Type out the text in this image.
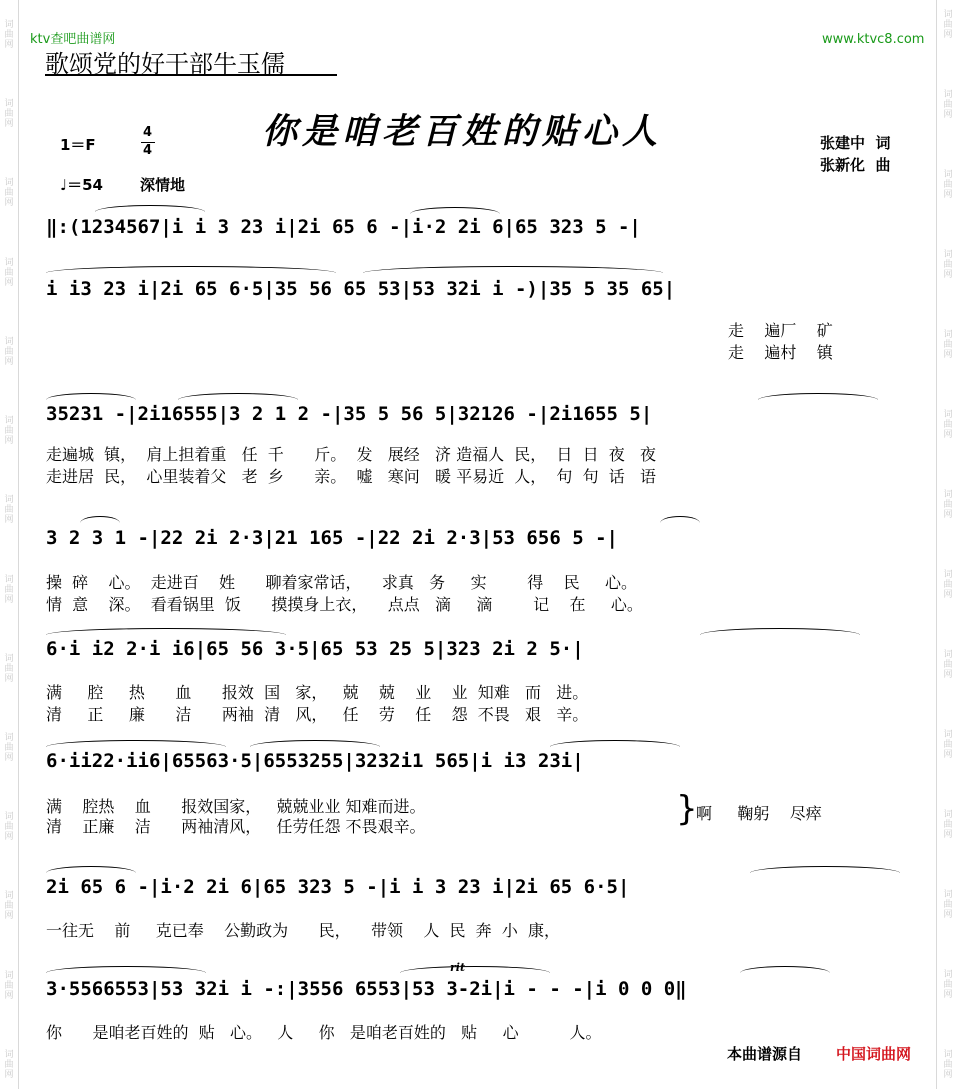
词
曲
网
词
曲
网
词
曲
网
词
曲
网
词
曲
网
词
曲
网
词
曲
网
词
曲
网
词
曲
网
词
曲
网
词
曲
网
词
曲
网
词
曲
网
词
曲
网
词
曲
网
词
曲
网
词
曲
网
词
曲
网
词
曲
网
词
曲
网
词
曲
网
词
曲
网
词
曲
网
词
曲
网
词
曲
网
词
曲
网
词
曲
网
词
曲
网
ktv查吧曲谱网	www.ktvc8.com
歌颂党的好干部牛玉儒
你是咱老百姓的贴心人
1＝F
4
4
♩＝54 深情地
张建中  词
张新化  曲
‖:(1234567|i i 3 23 i|2i 65 6 -|i·2 2i 6|65 323 5 -|
i i3 23 i|2i 65 6·5|35 56 65 53|53 32i i -)|35 5 35 65|
走    遍厂    矿
走    遍村    镇
35231 -|2i16555|3 2 1 2 -|35 5 56 5|32126 -|2i1655 5|
走遍城  镇，  肩上担着重   任  千      斤。  发   展经   济 造福人  民，  日  日  夜   夜
走进居  民，  心里装着父   老  乡      亲。  嘘   寒问   暖 平易近  人，  句  句  话   语
3 2 3 1 -|22 2i 2·3|21 165 -|22 2i 2·3|53 656 5 -|
操  碎    心。  走进百    姓      聊着家常话，    求真   务     实        得    民     心。
情  意    深。  看看锅里  饭      摸摸身上衣，    点点   滴     滴        记    在     心。
6·i i2 2·i i6|65 56 3·5|65 53 25 5|323 2i 2 5·|
满     腔     热      血      报效  国   家，   兢    兢    业    业  知难   而   进。
清     正     廉      洁      两袖  清   风，   任    劳    任    怨  不畏   艰   辛。
6·ii22·ii6|65563·5|6553255|3232i1 565|i i3 23i|
满    腔热    血      报效国家，   兢兢业业 知难而进。
清    正廉    洁      两袖清风，   任劳任怨 不畏艰辛。	}
啊     鞠躬    尽瘁
2i 65 6 -|i·2 2i 6|65 323 5 -|i i 3 23 i|2i 65 6·5|
一往无    前     克已奉    公勤政为      民，    带领    人  民  奔  小  康，
rit
3·5566553|53 32i i -:|3556 6553|53 3-2i|i - - -|i 0 0 0‖
你      是咱老百姓的  贴   心。   人     你   是咱老百姓的   贴     心          人。
本曲谱源自 中国词曲网
